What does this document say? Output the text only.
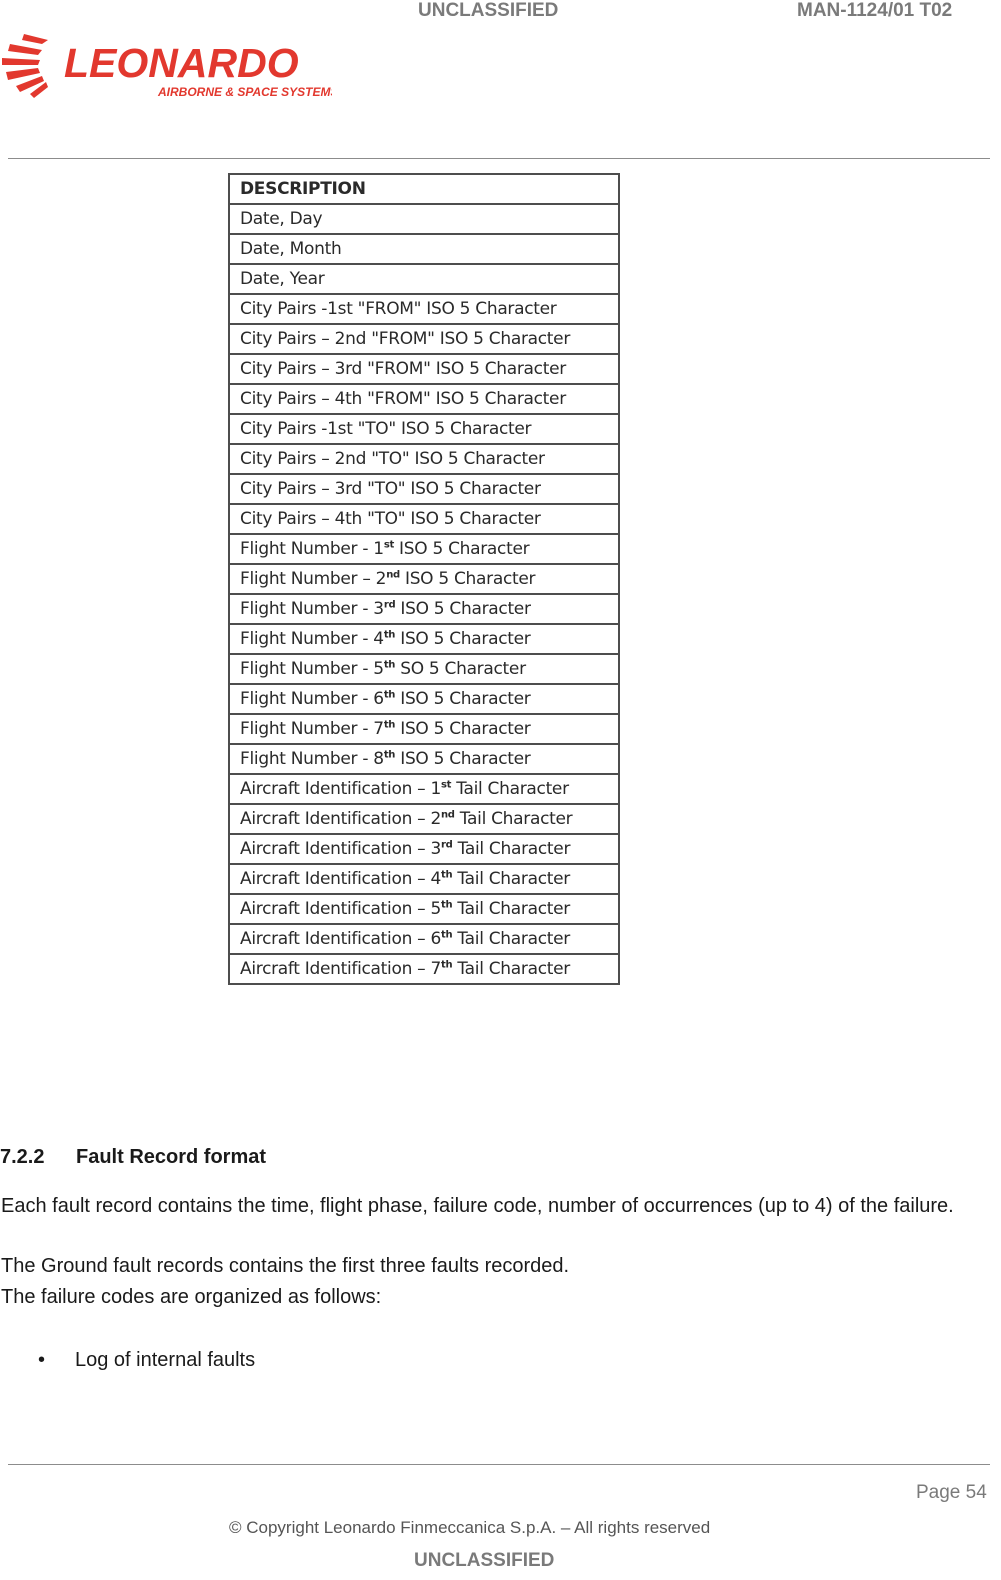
UNCLASSIFIED	MAN-1124/01 T02
LEONARDO
AIRBORNE & SPACE SYSTEMS
DESCRIPTION
Date, Day
Date, Month
Date, Year
City Pairs -1st "FROM" ISO 5 Character
City Pairs – 2nd "FROM" ISO 5 Character
City Pairs – 3rd "FROM" ISO 5 Character
City Pairs – 4th "FROM" ISO 5 Character
City Pairs -1st "TO" ISO 5 Character
City Pairs – 2nd "TO" ISO 5 Character
City Pairs – 3rd "TO" ISO 5 Character
City Pairs – 4th "TO" ISO 5 Character
Flight Number - 1st ISO 5 Character
Flight Number – 2nd ISO 5 Character
Flight Number - 3rd ISO 5 Character
Flight Number - 4th ISO 5 Character
Flight Number - 5th SO 5 Character
Flight Number - 6th ISO 5 Character
Flight Number - 7th ISO 5 Character
Flight Number - 8th ISO 5 Character
Aircraft Identification – 1st Tail Character
Aircraft Identification – 2nd Tail Character
Aircraft Identification – 3rd Tail Character
Aircraft Identification – 4th Tail Character
Aircraft Identification – 5th Tail Character
Aircraft Identification – 6th Tail Character
Aircraft Identification – 7th Tail Character
7.2.2 Fault Record format
Each fault record contains the time, flight phase, failure code, number of occurrences (up to 4) of the failure.
The Ground fault records contains the first three faults recorded.
The failure codes are organized as follows:
• Log of internal faults
Page 54
© Copyright Leonardo Finmeccanica S.p.A. – All rights reserved
UNCLASSIFIED
